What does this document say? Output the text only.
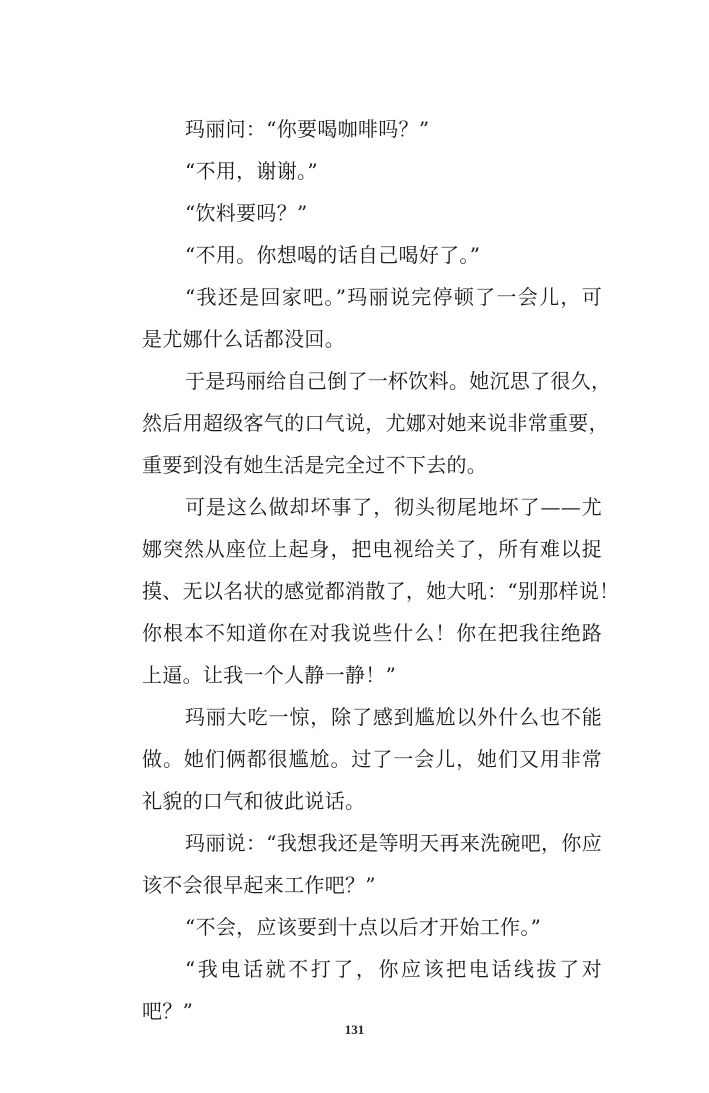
玛丽问：“你要喝咖啡吗？”
“不用，谢谢。”
“饮料要吗？”
“不用。你想喝的话自己喝好了。”
“我还是回家吧。”玛丽说完停顿了一会儿，可
是尤娜什么话都没回。
于是玛丽给自己倒了一杯饮料。她沉思了很久，
然后用超级客气的口气说，尤娜对她来说非常重要，
重要到没有她生活是完全过不下去的。
可是这么做却坏事了，彻头彻尾地坏了——尤
娜突然从座位上起身，把电视给关了，所有难以捉
摸、无以名状的感觉都消散了，她大吼：“别那样说！
你根本不知道你在对我说些什么！你在把我往绝路
上逼。让我一个人静一静！”
玛丽大吃一惊，除了感到尴尬以外什么也不能
做。她们俩都很尴尬。过了一会儿，她们又用非常
礼貌的口气和彼此说话。
玛丽说：“我想我还是等明天再来洗碗吧，你应
该不会很早起来工作吧？”
“不会，应该要到十点以后才开始工作。”
“我电话就不打了，你应该把电话线拔了对
吧？”
131
